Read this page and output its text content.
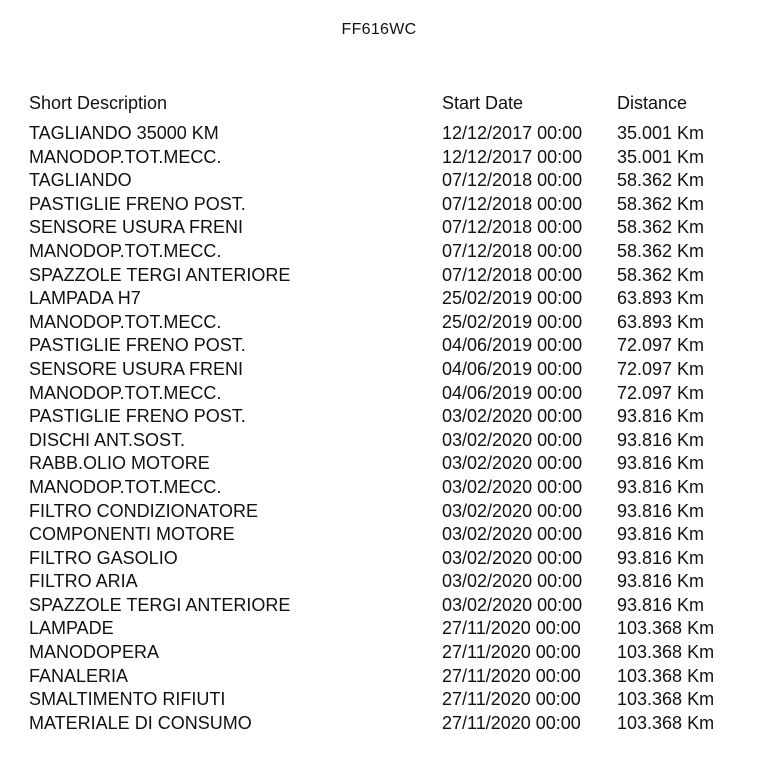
FF616WC
Short Description	Start Date	Distance
TAGLIANDO 35000 KM	12/12/2017 00:00 35.001 Km
MANODOP.TOT.MECC.	12/12/2017 00:00 35.001 Km
TAGLIANDO	07/12/2018 00:00 58.362 Km
PASTIGLIE FRENO POST.	07/12/2018 00:00 58.362 Km
SENSORE USURA FRENI	07/12/2018 00:00 58.362 Km
MANODOP.TOT.MECC.	07/12/2018 00:00 58.362 Km
SPAZZOLE TERGI ANTERIORE	07/12/2018 00:00 58.362 Km
LAMPADA H7	25/02/2019 00:00 63.893 Km
MANODOP.TOT.MECC.	25/02/2019 00:00 63.893 Km
PASTIGLIE FRENO POST.	04/06/2019 00:00 72.097 Km
SENSORE USURA FRENI	04/06/2019 00:00 72.097 Km
MANODOP.TOT.MECC.	04/06/2019 00:00 72.097 Km
PASTIGLIE FRENO POST.	03/02/2020 00:00 93.816 Km
DISCHI ANT.SOST.	03/02/2020 00:00 93.816 Km
RABB.OLIO MOTORE	03/02/2020 00:00 93.816 Km
MANODOP.TOT.MECC.	03/02/2020 00:00 93.816 Km
FILTRO CONDIZIONATORE	03/02/2020 00:00 93.816 Km
COMPONENTI MOTORE	03/02/2020 00:00 93.816 Km
FILTRO GASOLIO	03/02/2020 00:00 93.816 Km
FILTRO ARIA	03/02/2020 00:00 93.816 Km
SPAZZOLE TERGI ANTERIORE	03/02/2020 00:00 93.816 Km
LAMPADE	27/11/2020 00:00 103.368 Km
MANODOPERA	27/11/2020 00:00 103.368 Km
FANALERIA	27/11/2020 00:00 103.368 Km
SMALTIMENTO RIFIUTI	27/11/2020 00:00 103.368 Km
MATERIALE DI CONSUMO	27/11/2020 00:00 103.368 Km
